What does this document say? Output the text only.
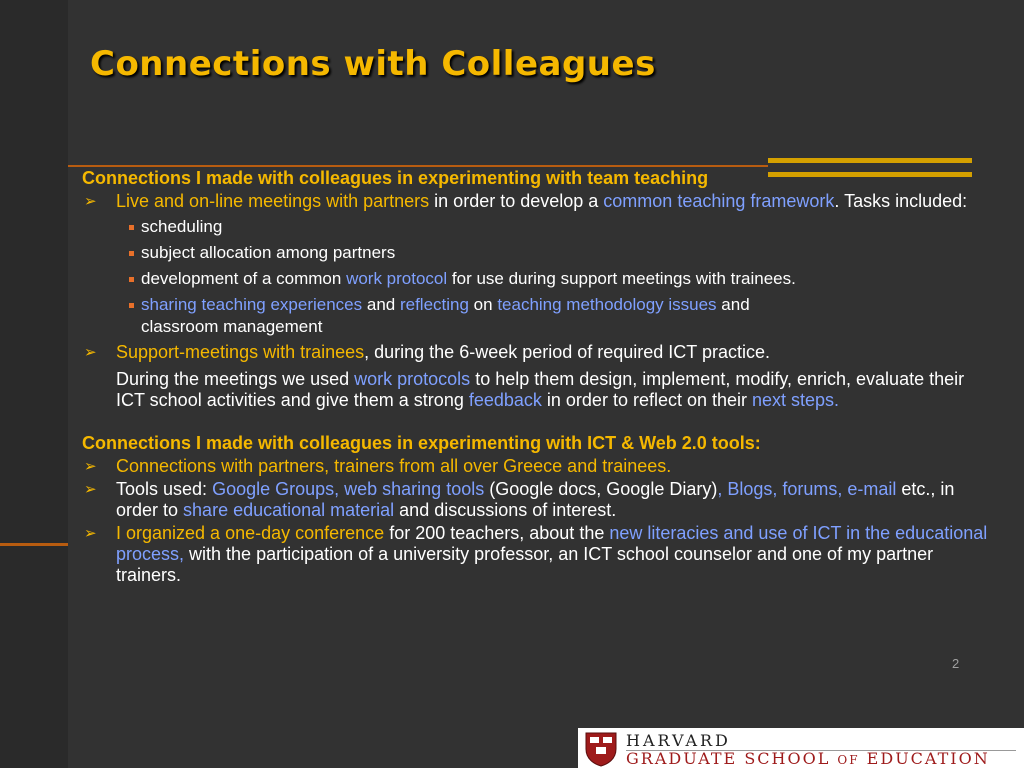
Connections with Colleagues

Connections I made with colleagues in experimenting with team teaching

➢ Live and on-line meetings with partners in order to develop a common teaching framework. Tasks included:
scheduling
subject allocation among partners
development of a common work protocol for use during support meetings with trainees.
sharing teaching experiences and reflecting on teaching methodology issues and
classroom management
➢ Support-meetings with trainees, during the 6-week period of required ICT practice.
During the meetings we used work protocols to help them design, implement, modify, enrich, evaluate their ICT school activities and give them a strong feedback in order to reflect on their next steps.

Connections I made with colleagues in experimenting with ICT & Web 2.0 tools:

➢ Connections with partners, trainers from all over Greece and trainees.
➢ Tools used: Google Groups, web sharing tools (Google docs, Google Diary), Blogs, forums, e-mail etc., in order to share educational material and discussions of interest.
➢ I organized a one-day conference for 200 teachers, about the new literacies and use of ICT in the educational process, with the participation of a university professor, an ICT school counselor and one of my partner trainers.
2
HARVARD
GRADUATE SCHOOL OF EDUCATION
